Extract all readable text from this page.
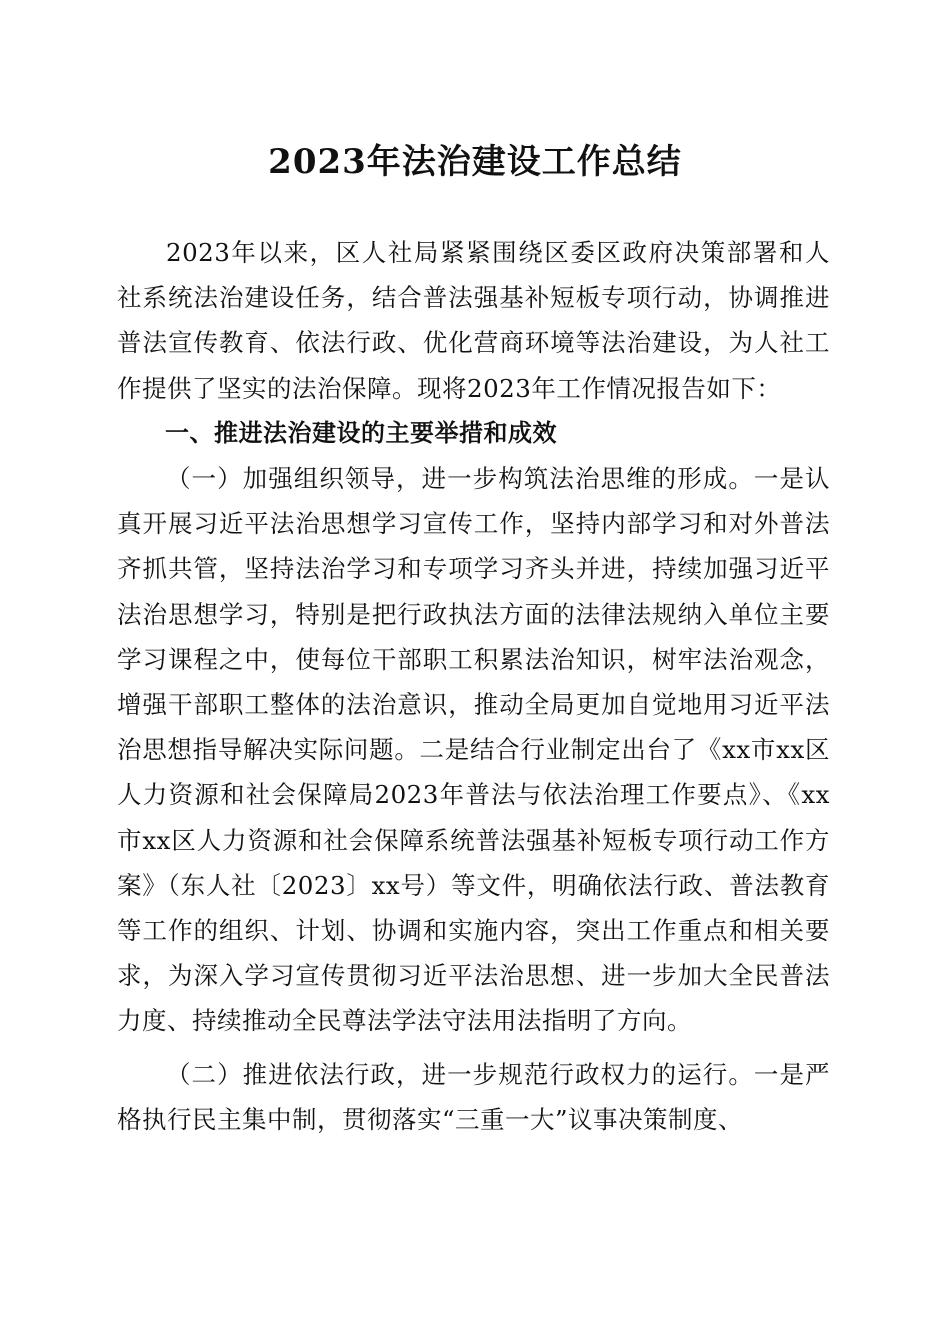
2023年法治建设工作总结

2023年以来，区人社局紧紧围绕区委区政府决策部署和人社系统法治建设任务，结合普法强基补短板专项行动，协调推进普法宣传教育、依法行政、优化营商环境等法治建设，为人社工作提供了坚实的法治保障。现将2023年工作情况报告如下：

一、推进法治建设的主要举措和成效

（一）加强组织领导，进一步构筑法治思维的形成。一是认真开展习近平法治思想学习宣传工作，坚持内部学习和对外普法齐抓共管，坚持法治学习和专项学习齐头并进，持续加强习近平法治思想学习，特别是把行政执法方面的法律法规纳入单位主要学习课程之中，使每位干部职工积累法治知识，树牢法治观念，增强干部职工整体的法治意识，推动全局更加自觉地用习近平法治思想指导解决实际问题。二是结合行业制定出台了《xx市xx区人力资源和社会保障局2023年普法与依法治理工作要点》、《xx市xx区人力资源和社会保障系统普法强基补短板专项行动工作方案》（东人社〔2023〕xx号）等文件，明确依法行政、普法教育等工作的组织、计划、协调和实施内容，突出工作重点和相关要求，为深入学习宣传贯彻习近平法治思想、进一步加大全民普法力度、持续推动全民尊法学法守法用法指明了方向。

（二）推进依法行政，进一步规范行政权力的运行。一是严格执行民主集中制，贯彻落实“三重一大”议事决策制度、
